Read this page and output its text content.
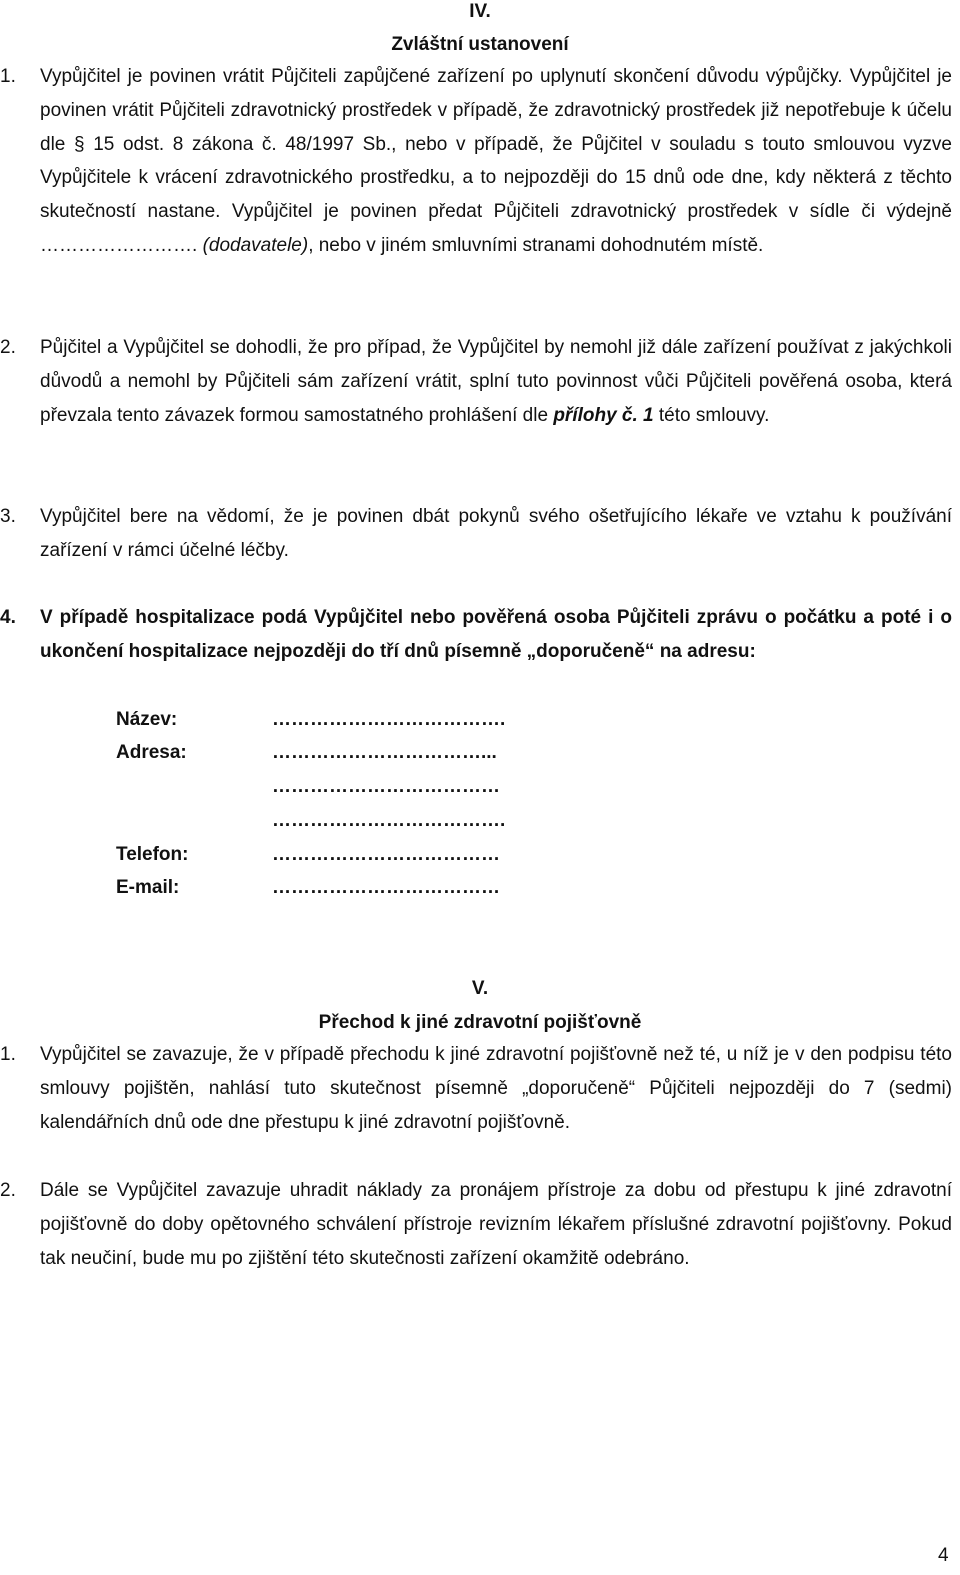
IV.
Zvláštní ustanovení
1.	Vypůjčitel je povinen vrátit Půjčiteli zapůjčené zařízení po uplynutí skončení důvodu výpůjčky. Vypůjčitel je povinen vrátit Půjčiteli zdravotnický prostředek v případě, že zdravotnický prostředek již nepotřebuje k účelu dle § 15 odst. 8 zákona č. 48/1997 Sb., nebo v případě, že Půjčitel v souladu s touto smlouvou vyzve Vypůjčitele k vrácení zdravotnického prostředku, a to nejpozději do 15 dnů ode dne, kdy některá z těchto skutečností nastane. Vypůjčitel je povinen předat Půjčiteli zdravotnický prostředek v sídle či výdejně ……………………. (dodavatele), nebo v jiném smluvními stranami dohodnutém místě.
2.	Půjčitel a Vypůjčitel se dohodli, že pro případ, že Vypůjčitel by nemohl již dále zařízení používat z jakýchkoli důvodů a nemohl by Půjčiteli sám zařízení vrátit, splní tuto povinnost vůči Půjčiteli pověřená osoba, která převzala tento závazek formou samostatného prohlášení dle přílohy č. 1 této smlouvy.
3.	Vypůjčitel bere na vědomí, že je povinen dbát pokynů svého ošetřujícího lékaře ve vztahu k používání zařízení v rámci účelné léčby.
4.	V případě hospitalizace podá Vypůjčitel nebo pověřená osoba Půjčiteli zprávu o počátku a poté i o ukončení hospitalizace nejpozději do tří dnů písemně „doporučeně“ na adresu:
Název:	……………………………….
Adresa:	……………………………...
………………………………
……………………………….
Telefon:	………………………………
E-mail:	………………………………
V.
Přechod k jiné zdravotní pojišťovně
1.	Vypůjčitel se zavazuje, že v případě přechodu k jiné zdravotní pojišťovně než té, u níž je v den podpisu této smlouvy pojištěn, nahlásí tuto skutečnost písemně „doporučeně“ Půjčiteli nejpozději do 7 (sedmi) kalendářních dnů ode dne přestupu k jiné zdravotní pojišťovně.
2.	Dále se Vypůjčitel zavazuje uhradit náklady za pronájem přístroje za dobu od přestupu k jiné zdravotní pojišťovně do doby opětovného schválení přístroje revizním lékařem příslušné zdravotní pojišťovny. Pokud tak neučiní, bude mu po zjištění této skutečnosti zařízení okamžitě odebráno.
4
